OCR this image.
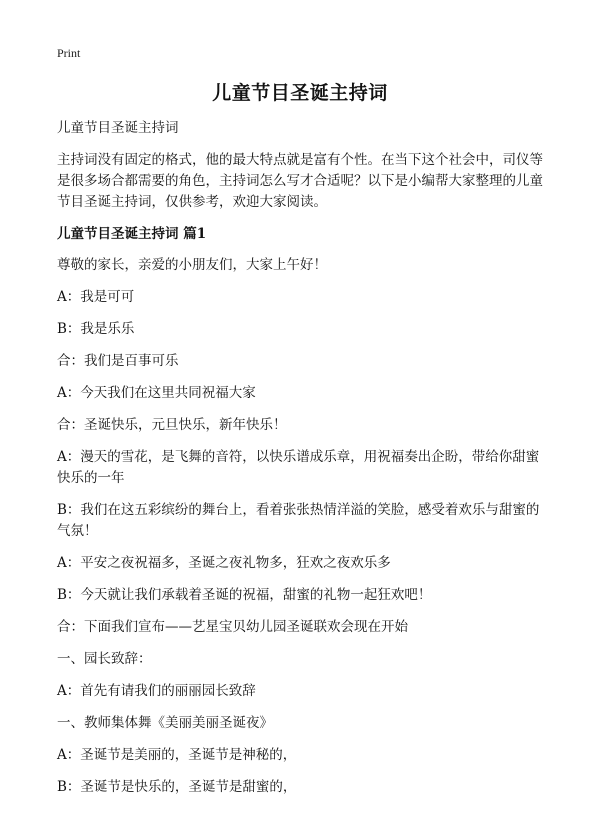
Print
儿童节目圣诞主持词

儿童节目圣诞主持词

主持词没有固定的格式，他的最大特点就是富有个性。在当下这个社会中，司仪等是很多场合都需要的角色，主持词怎么写才合适呢？以下是小编帮大家整理的儿童节目圣诞主持词，仅供参考，欢迎大家阅读。

儿童节目圣诞主持词 篇1

尊敬的家长，亲爱的小朋友们，大家上午好！

A：我是可可

B：我是乐乐

合：我们是百事可乐

A：今天我们在这里共同祝福大家

合：圣诞快乐，元旦快乐，新年快乐！

A：漫天的雪花，是飞舞的音符，以快乐谱成乐章，用祝福奏出企盼，带给你甜蜜快乐的一年

B：我们在这五彩缤纷的舞台上，看着张张热情洋溢的笑脸，感受着欢乐与甜蜜的气氛！

A：平安之夜祝福多，圣诞之夜礼物多，狂欢之夜欢乐多

B：今天就让我们承载着圣诞的祝福，甜蜜的礼物一起狂欢吧！

合：下面我们宣布——艺星宝贝幼儿园圣诞联欢会现在开始

一、园长致辞：

A：首先有请我们的丽丽园长致辞

一、教师集体舞《美丽美丽圣诞夜》

A：圣诞节是美丽的，圣诞节是神秘的，

B：圣诞节是快乐的，圣诞节是甜蜜的，
